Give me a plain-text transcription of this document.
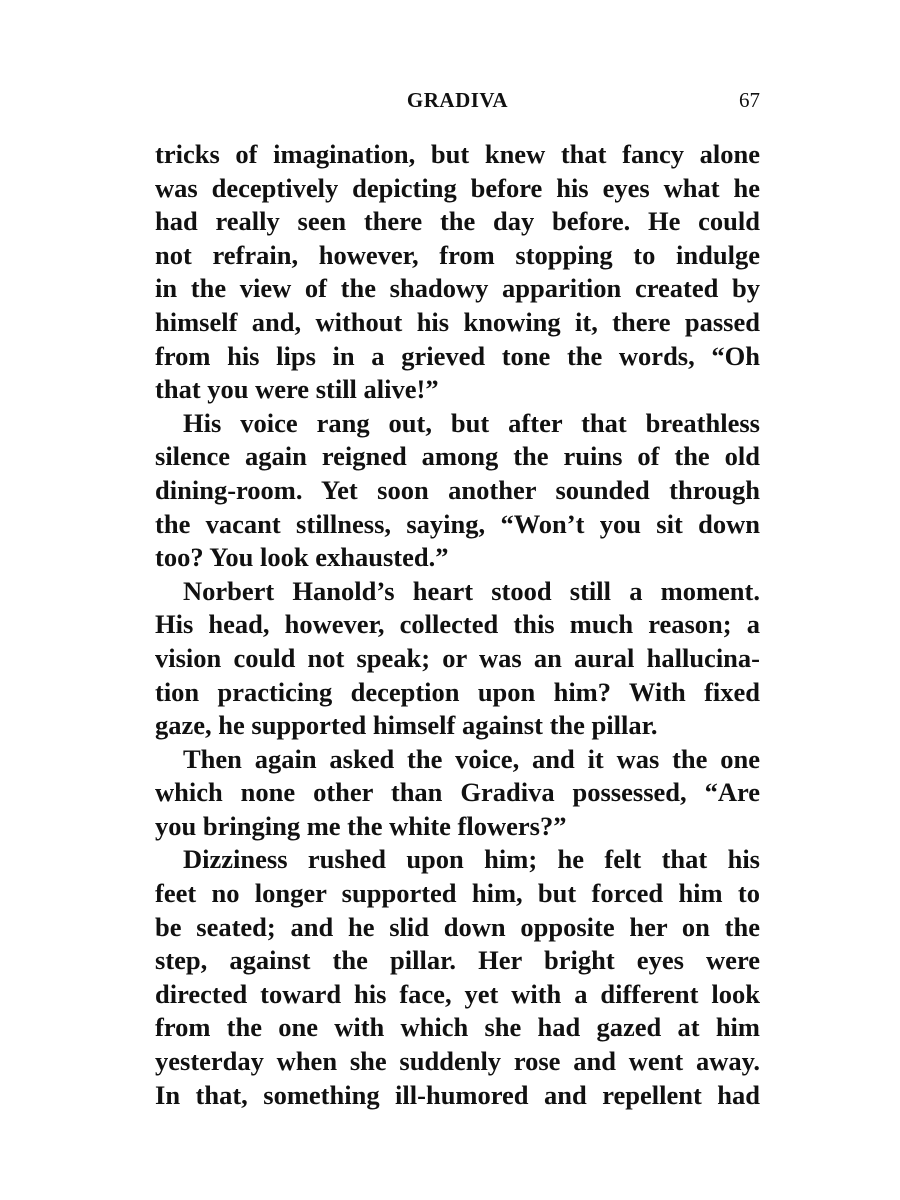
GRADIVA	67
tricks of imagination, but knew that fancy alone
was deceptively depicting before his eyes what he
had really seen there the day before. He could
not refrain, however, from stopping to indulge
in the view of the shadowy apparition created by
himself and, without his knowing it, there passed
from his lips in a grieved tone the words, “Oh
that you were still alive!”
His voice rang out, but after that breathless
silence again reigned among the ruins of the old
dining-room. Yet soon another sounded through
the vacant stillness, saying, “Won’t you sit down
too? You look exhausted.”
Norbert Hanold’s heart stood still a moment.
His head, however, collected this much reason; a
vision could not speak; or was an aural hallucina-
tion practicing deception upon him? With fixed
gaze, he supported himself against the pillar.
Then again asked the voice, and it was the one
which none other than Gradiva possessed, “Are
you bringing me the white flowers?”
Dizziness rushed upon him; he felt that his
feet no longer supported him, but forced him to
be seated; and he slid down opposite her on the
step, against the pillar. Her bright eyes were
directed toward his face, yet with a different look
from the one with which she had gazed at him
yesterday when she suddenly rose and went away.
In that, something ill-humored and repellent had
